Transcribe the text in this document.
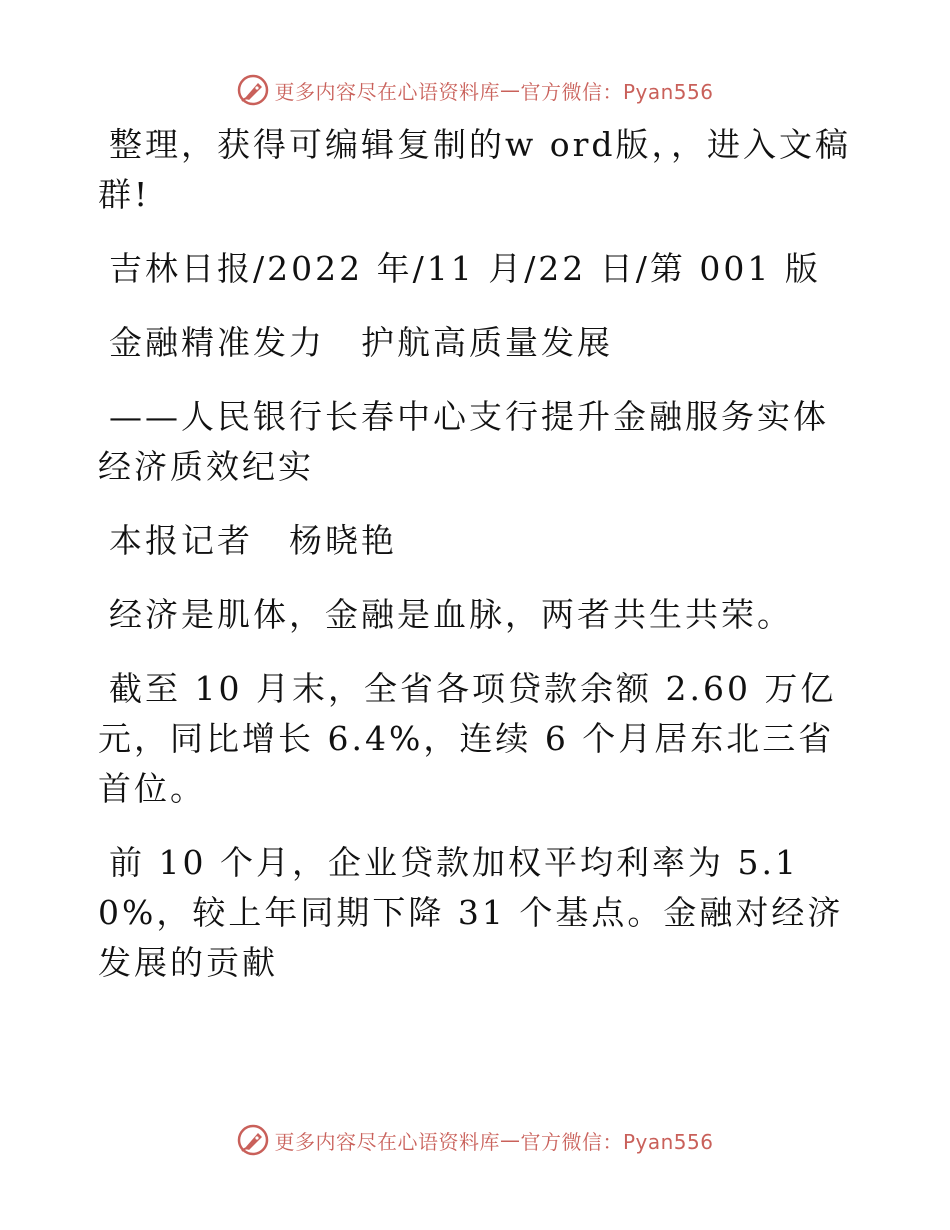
更多内容尽在心语资料库 — 官方微信：Pyan556

整理，获得可编辑复制的w ord版，，进入文稿群!

吉林日报/2022 年/11 月/22 日/第 001 版

金融精准发力　护航高质量发展

——人民银行长春中心支行提升金融服务实体经济质效纪实

本报记者　杨晓艳

经济是肌体，金融是血脉，两者共生共荣。

截至 10 月末，全省各项贷款余额 2.60 万亿元，同比增长 6.4%，连续 6 个月居东北三省首位。

前 10 个月，企业贷款加权平均利率为 5.10%，较上年同期下降 31 个基点。金融对经济发展的贡献

更多内容尽在心语资料库 — 官方微信：Pyan556
